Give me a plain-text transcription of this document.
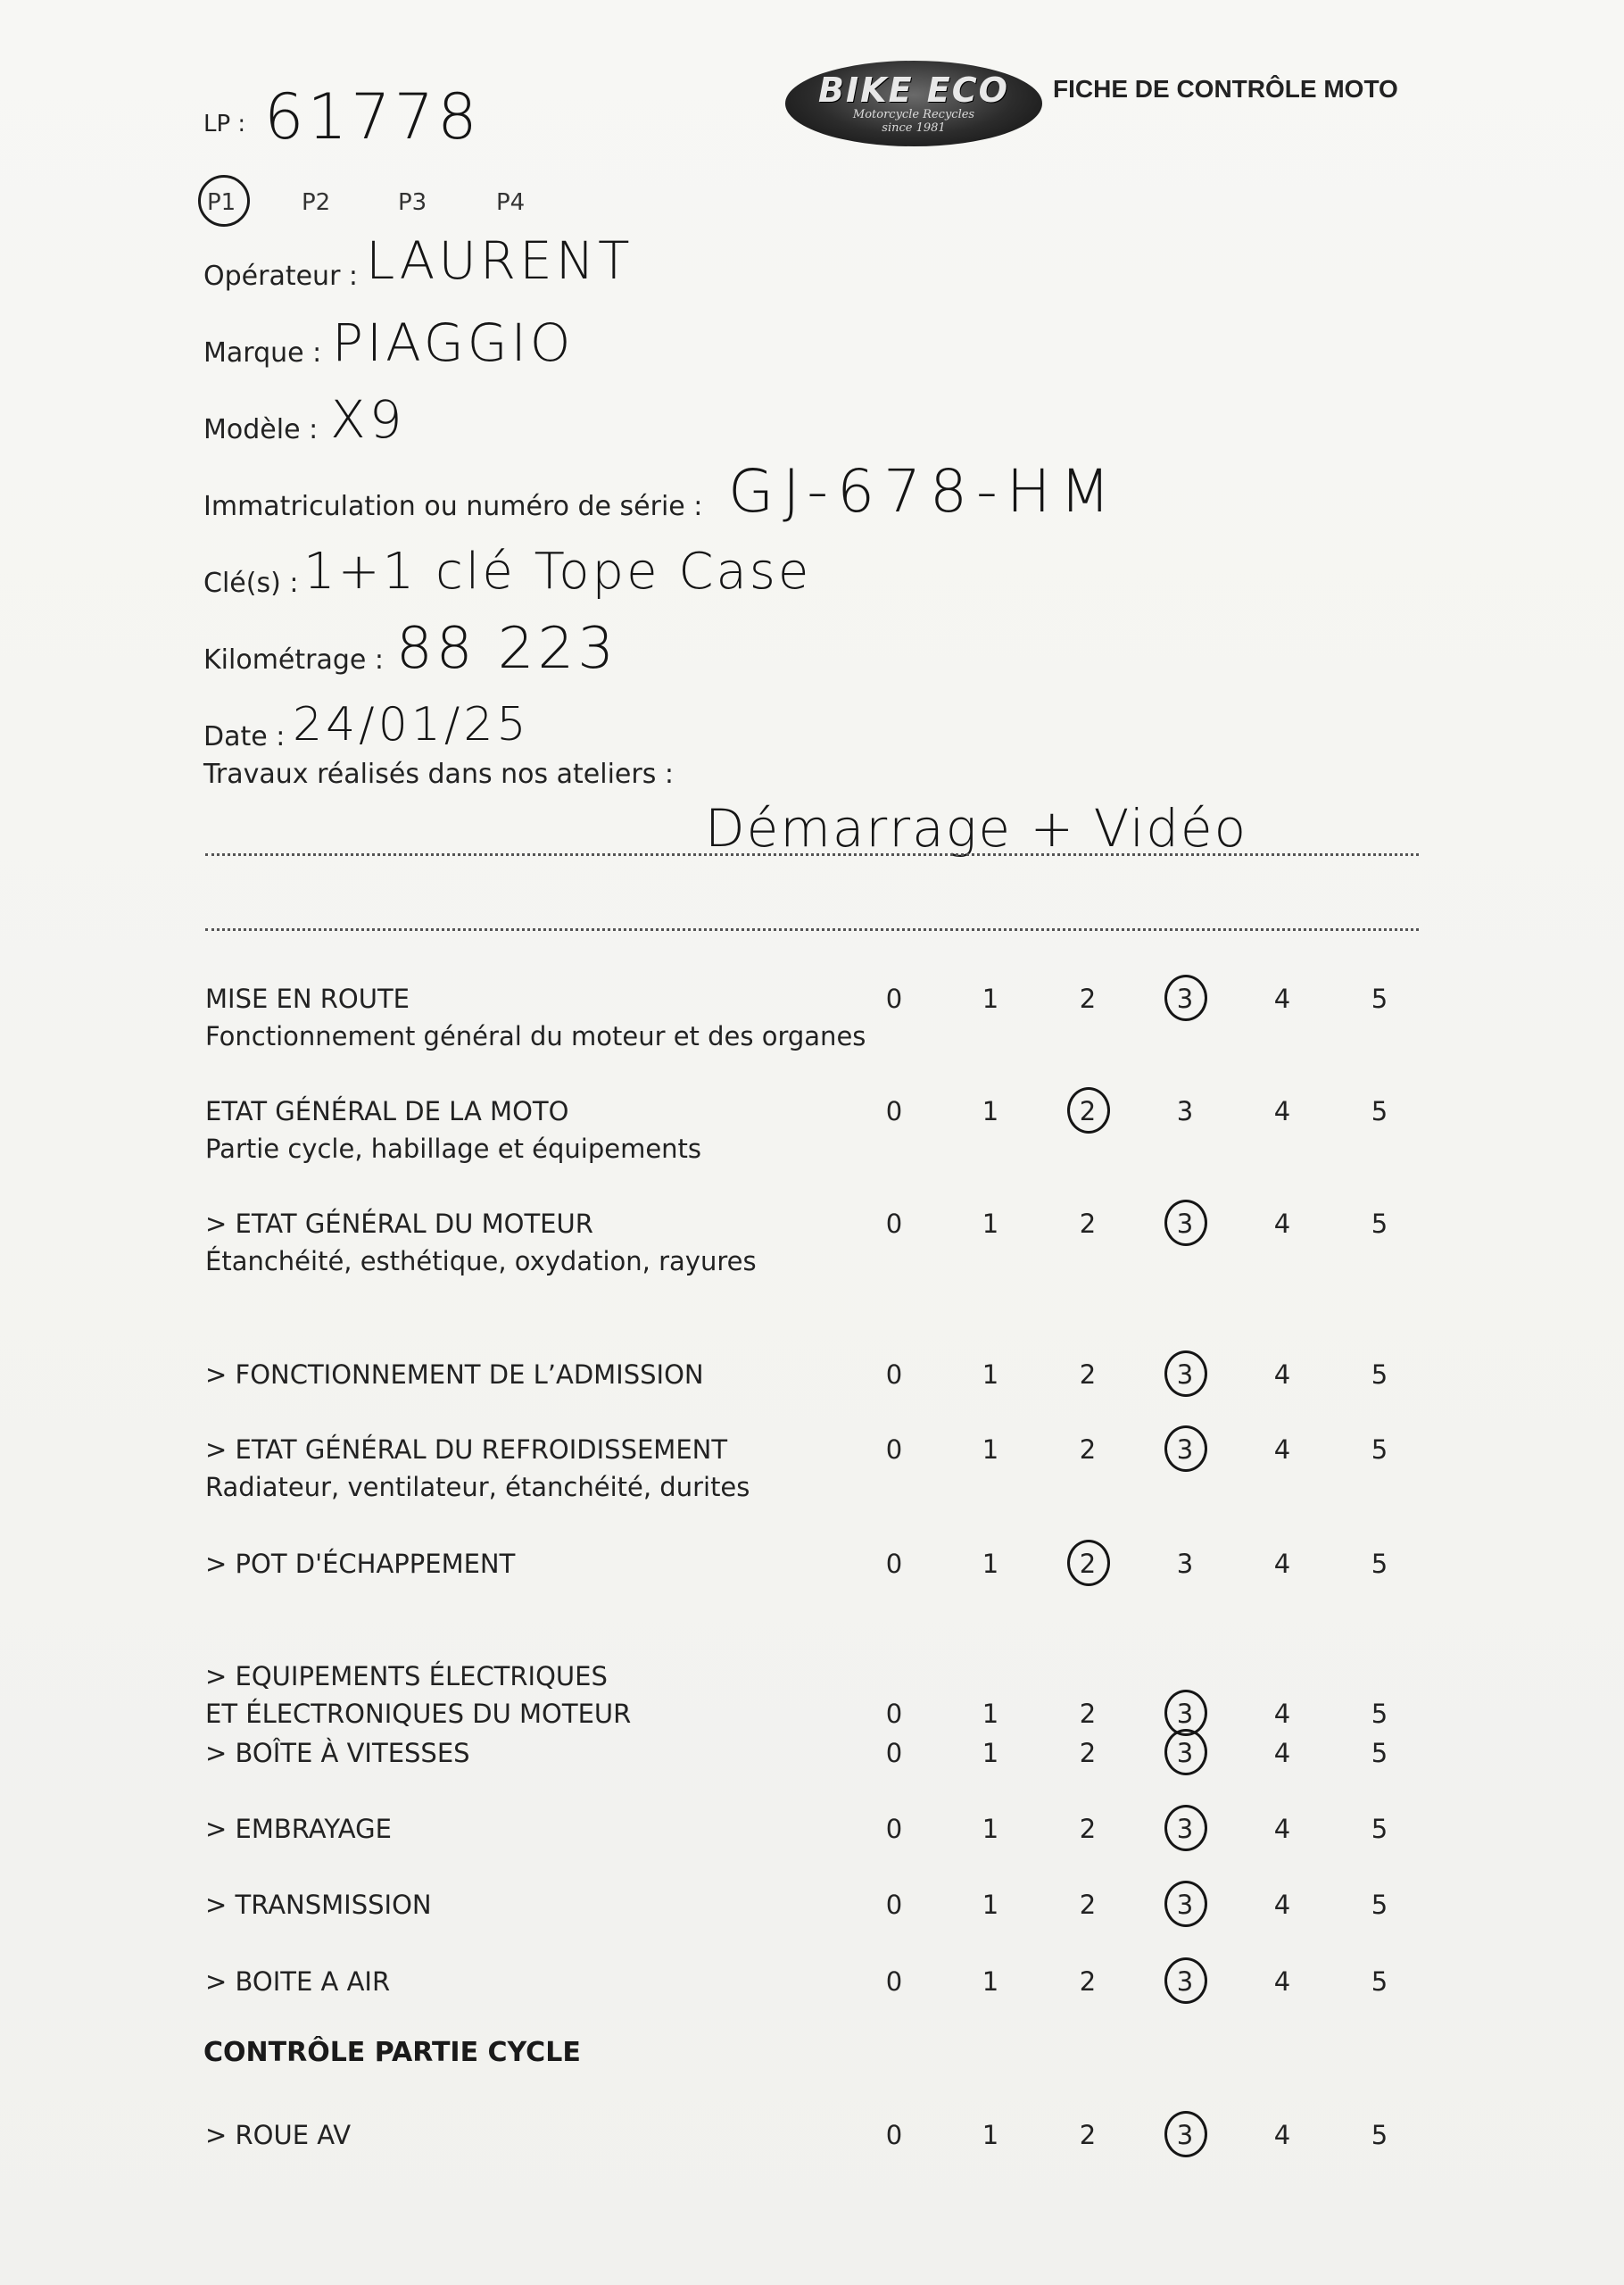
BIKE ECO
Motorcycle Recycles
since 1981
FICHE DE CONTRÔLE MOTO
LP : 61778
P1	P2	P3	P4
Opérateur : LAURENT
Marque : PIAGGIO
Modèle : X9
Immatriculation ou numéro de série : GJ-678-HM
Clé(s) : 1+1 clé Tope Case
Kilométrage : 88 223
Date : 24/01/25
Travaux réalisés dans nos ateliers :
Démarrage + Vidéo
CONTRÔLE PARTIE CYCLE
MISE EN ROUTE
Fonctionnement général du moteur et des organes
0	1	2	3	4	5
ETAT GÉNÉRAL DE LA MOTO
Partie cycle, habillage et équipements
0	1	2	3	4	5
> ETAT GÉNÉRAL DU MOTEUR
Étanchéité, esthétique, oxydation, rayures
0	1	2	3	4	5
> FONCTIONNEMENT DE L’ADMISSION	0	1	2	3	4	5
> ETAT GÉNÉRAL DU REFROIDISSEMENT
Radiateur, ventilateur, étanchéité, durites
0	1	2	3	4	5
> POT D'ÉCHAPPEMENT	0	1	2	3	4	5
> EQUIPEMENTS ÉLECTRIQUES
ET ÉLECTRONIQUES DU MOTEUR	0	1	2	3	4	5
> BOÎTE À VITESSES	0	1	2	3	4	5
> EMBRAYAGE	0	1	2	3	4	5
> TRANSMISSION	0	1	2	3	4	5
> BOITE A AIR	0	1	2	3	4	5
> ROUE AV	0	1	2	3	4	5
